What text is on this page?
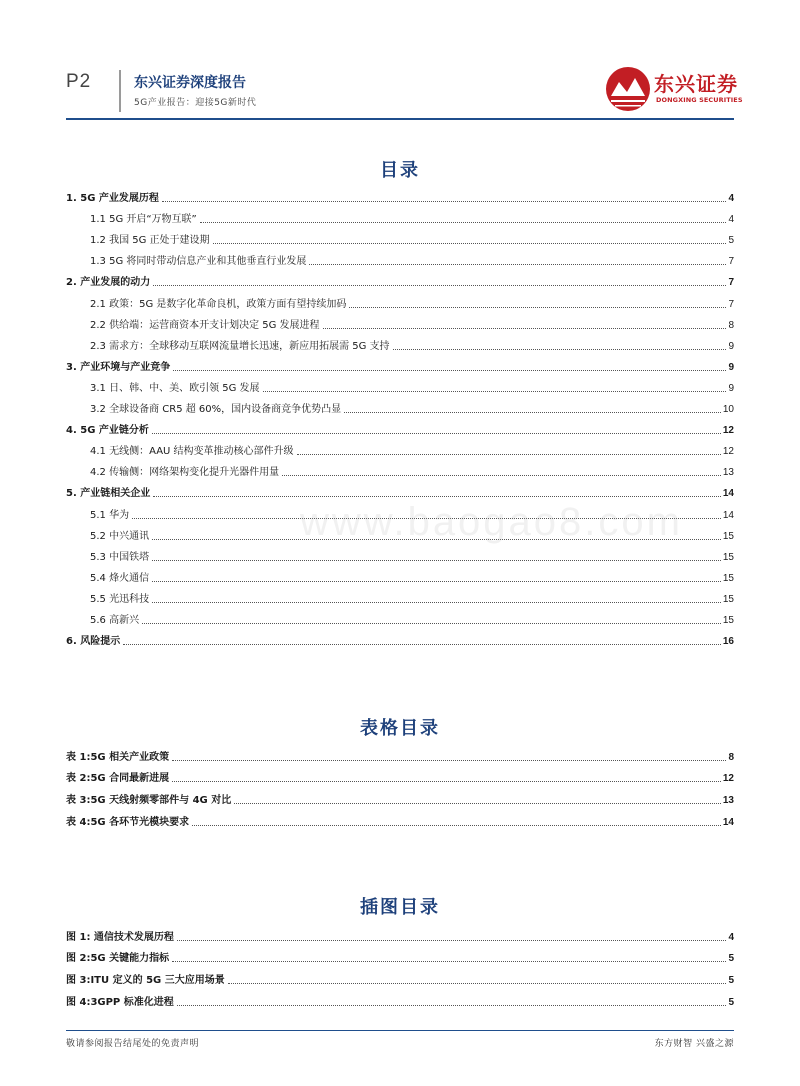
P2	东兴证券深度报告
5G产业报告：迎接5G新时代
东兴证券
DONGXING SECURITIES
目录
1. 5G 产业发展历程	4
1.1 5G 开启“万物互联”	4
1.2 我国 5G 正处于建设期	5
1.3 5G 将同时带动信息产业和其他垂直行业发展	7
2. 产业发展的动力	7
2.1 政策：5G 是数字化革命良机，政策方面有望持续加码	7
2.2 供给端：运营商资本开支计划决定 5G 发展进程	8
2.3 需求方：全球移动互联网流量增长迅速，新应用拓展需 5G 支持	9
3. 产业环境与产业竞争	9
3.1 日、韩、中、美、欧引领 5G 发展	9
3.2 全球设备商 CR5 超 60%，国内设备商竞争优势凸显	10
4. 5G 产业链分析	12
4.1 无线侧：AAU 结构变革推动核心部件升级	12
4.2 传输侧：网络架构变化提升光器件用量	13
5. 产业链相关企业	14
5.1 华为	14
5.2 中兴通讯	15
5.3 中国铁塔	15
5.4 烽火通信	15
5.5 光迅科技	15
5.6 高新兴	15
6. 风险提示	16
www.baogao8.com
表格目录
表 1:5G 相关产业政策	8
表 2:5G 合同最新进展	12
表 3:5G 天线射频零部件与 4G 对比	13
表 4:5G 各环节光模块要求	14
插图目录
图 1: 通信技术发展历程	4
图 2:5G 关键能力指标	5
图 3:ITU 定义的 5G 三大应用场景	5
图 4:3GPP 标准化进程	5
敬请参阅报告结尾处的免责声明	东方财智 兴盛之源
